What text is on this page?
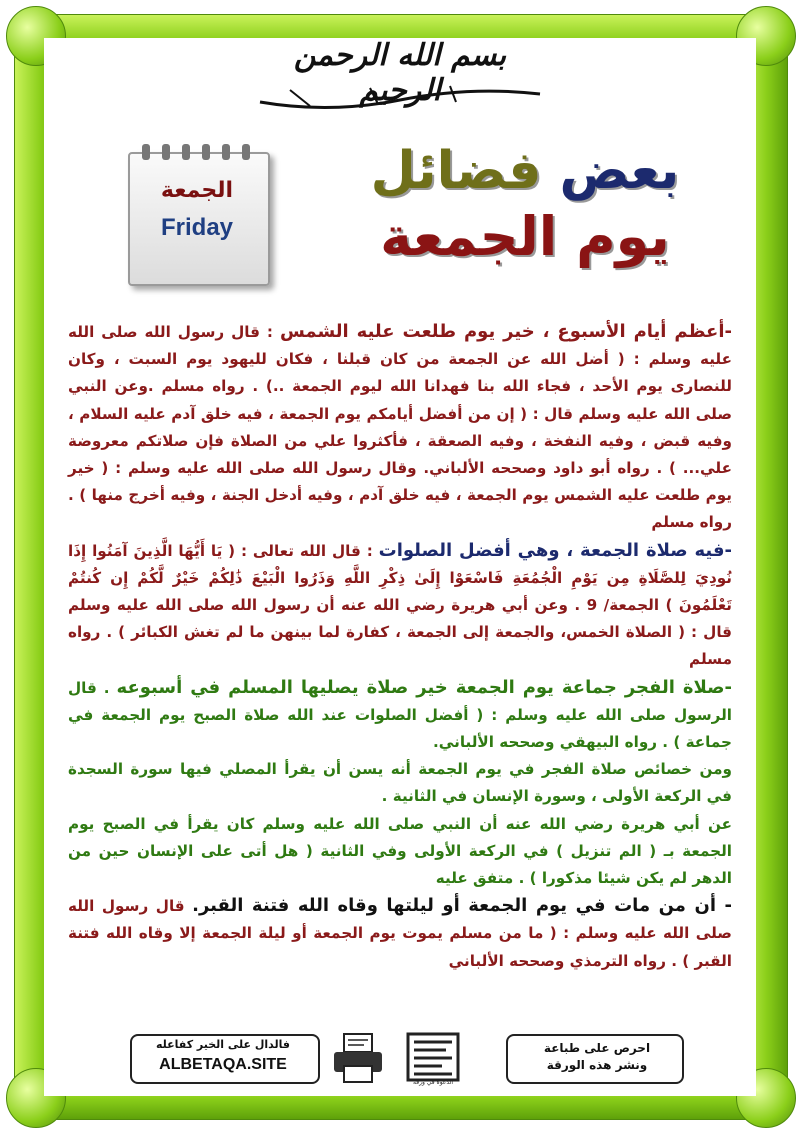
بسم الله الرحمن الرحيم
الجمعة
Friday
بعض فضائل
يوم الجمعة

-أعظم أيام الأسبوع ، خير يوم طلعت عليه الشمس : قال رسول الله صلى الله عليه وسلم : ( أضل الله عن الجمعة من كان قبلنا ، فكان لليهود يوم السبت ، وكان للنصارى يوم الأحد ، فجاء الله بنا فهدانا الله ليوم الجمعة ..) . رواه مسلم .وعن النبي صلى الله عليه وسلم قال : ( إن من أفضل أيامكم يوم الجمعة ، فيه خلق آدم عليه السلام ، وفيه قبض ، وفيه النفخة ، وفيه الصعقة ، فأكثروا علي من الصلاة فإن صلاتكم معروضة علي... ) . رواه أبو داود وصححه الألباني. وقال رسول الله صلى الله عليه وسلم : ( خير يوم طلعت عليه الشمس يوم الجمعة ، فيه خلق آدم ، وفيه أدخل الجنة ، وفيه أخرج منها ) . رواه مسلم

-فيه صلاة الجمعة ، وهي أفضل الصلوات : قال الله تعالى : ( يَا أَيُّهَا الَّذِينَ آمَنُوا إِذَا نُودِيَ لِلصَّلَاةِ مِن يَوْمِ الْجُمُعَةِ فَاسْعَوْا إِلَىٰ ذِكْرِ اللَّهِ وَذَرُوا الْبَيْعَ ذَٰلِكُمْ خَيْرٌ لَّكُمْ إِن كُنتُمْ تَعْلَمُونَ ) الجمعة/ 9 . وعن أبي هريرة رضي الله عنه أن رسول الله صلى الله عليه وسلم قال : ( الصلاة الخمس، والجمعة إلى الجمعة ، كفارة لما بينهن ما لم تغش الكبائر ) . رواه مسلم

-صلاة الفجر جماعة يوم الجمعة خير صلاة يصليها المسلم في أسبوعه . قال الرسول صلى الله عليه وسلم : ( أفضل الصلوات عند الله صلاة الصبح يوم الجمعة في جماعة ) . رواه البيهقي وصححه الألباني.

ومن خصائص صلاة الفجر في يوم الجمعة أنه يسن أن يقرأ المصلي فيها سورة السجدة في الركعة الأولى ، وسورة الإنسان في الثانية .

عن أبي هريرة رضي الله عنه أن النبي صلى الله عليه وسلم كان يقرأ في الصبح يوم الجمعة بـ ( الم تنزيل ) في الركعة الأولى وفي الثانية ( هل أتى على الإنسان حين من الدهر لم يكن شيئا مذكورا ) . متفق عليه

- أن من مات في يوم الجمعة أو ليلتها وقاه الله فتنة القبر. قال رسول الله صلى الله عليه وسلم : ( ما من مسلم يموت يوم الجمعة أو ليلة الجمعة إلا وقاه الله فتنة القبر ) . رواه الترمذي وصححه الألباني

احرص على طباعة
ونشر هذه الورقة
الدعوة في ورقة
فالدال على الخير كفاعله
ALBETAQA.SITE
